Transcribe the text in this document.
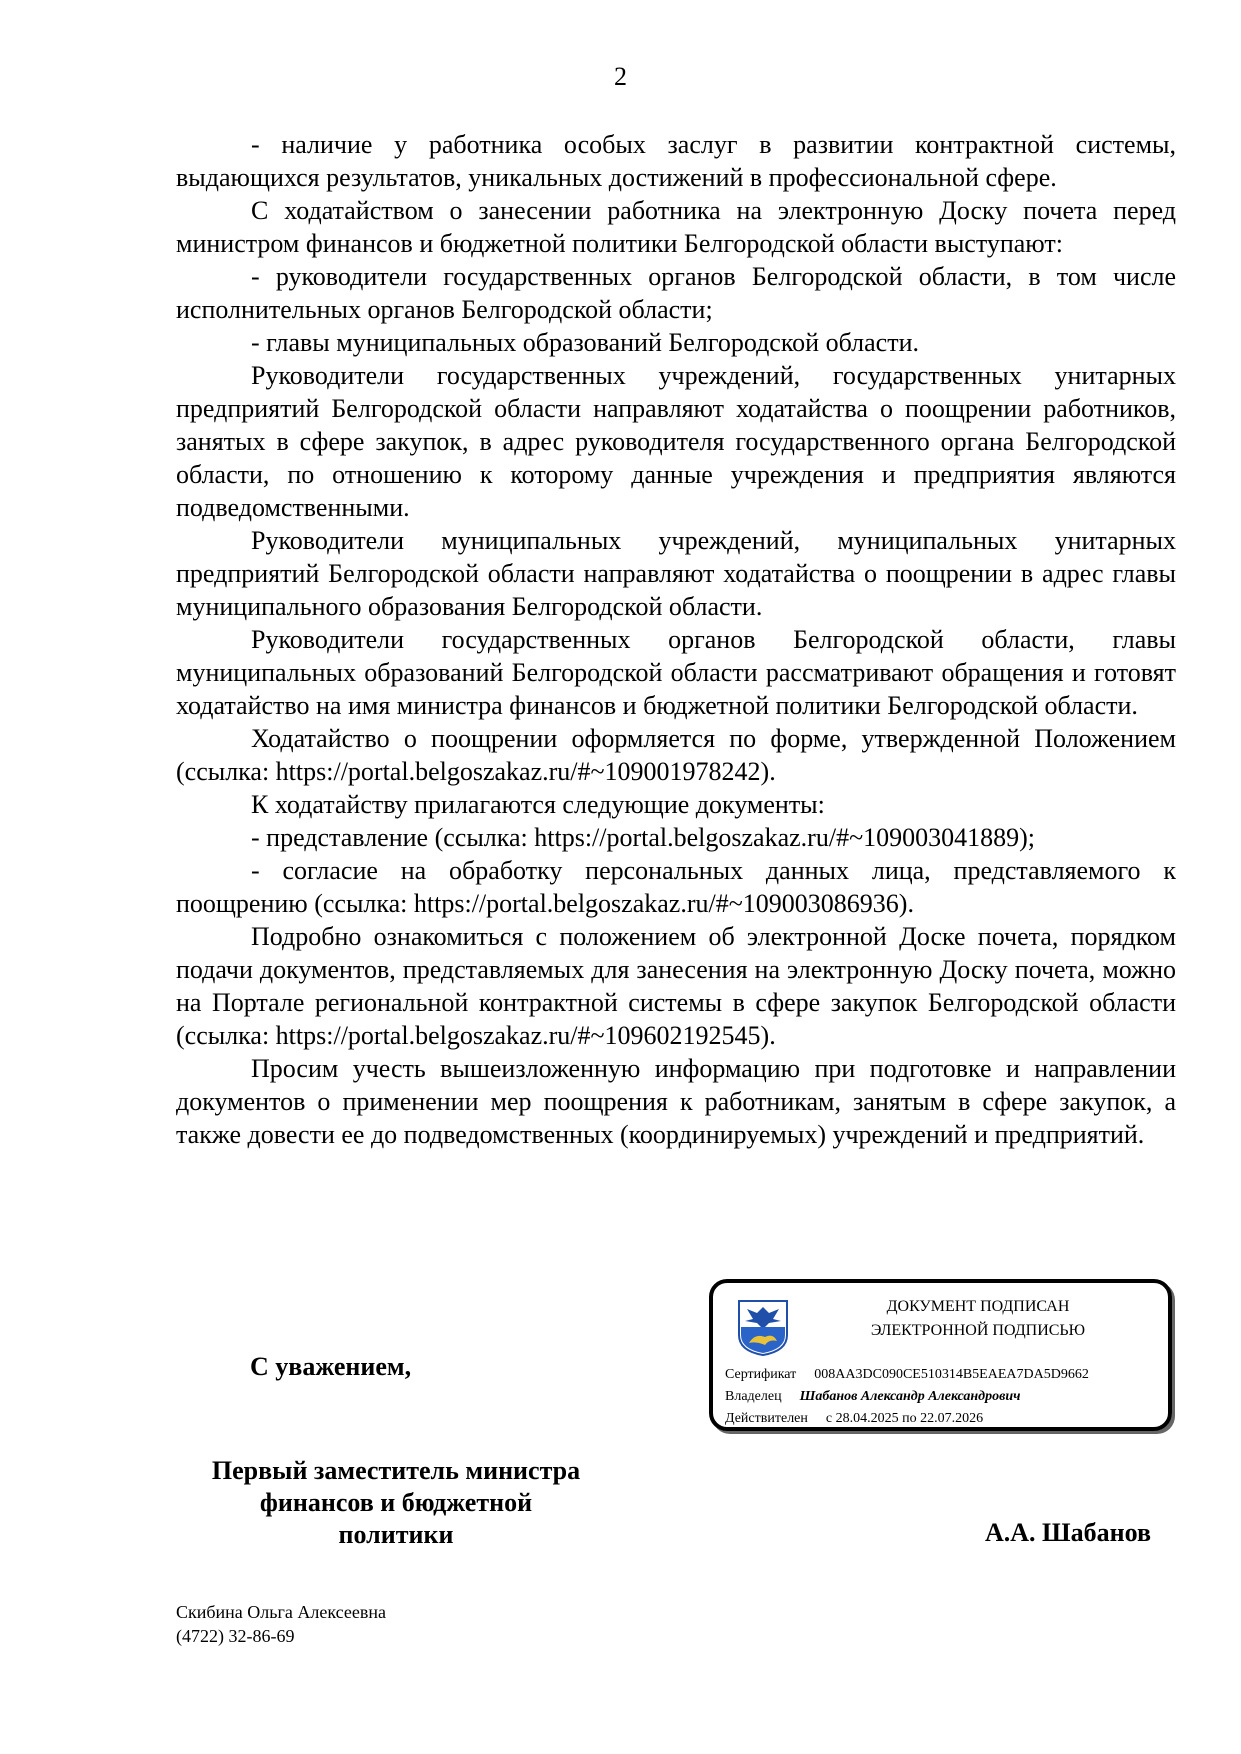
2

- наличие у работника особых заслуг в развитии контрактной системы, выдающихся результатов, уникальных достижений в профессиональной сфере.

С ходатайством о занесении работника на электронную Доску почета перед министром финансов и бюджетной политики Белгородской области выступают:

- руководители государственных органов Белгородской области, в том числе исполнительных органов Белгородской области;

- главы муниципальных образований Белгородской области.

Руководители государственных учреждений, государственных унитарных предприятий Белгородской области направляют ходатайства о поощрении работников, занятых в сфере закупок, в адрес руководителя государственного органа Белгородской области, по отношению к которому данные учреждения и предприятия являются подведомственными.

Руководители муниципальных учреждений, муниципальных унитарных предприятий Белгородской области направляют ходатайства о поощрении в адрес главы муниципального образования Белгородской области.

Руководители государственных органов Белгородской области, главы муниципальных образований Белгородской области рассматривают обращения и готовят ходатайство на имя министра финансов и бюджетной политики Белгородской области.

Ходатайство о поощрении оформляется по форме, утвержденной Положением (ссылка: https://portal.belgoszakaz.ru/#~109001978242).

К ходатайству прилагаются следующие документы:

- представление (ссылка: https://portal.belgoszakaz.ru/#~109003041889);

- согласие на обработку персональных данных лица, представляемого к поощрению (ссылка: https://portal.belgoszakaz.ru/#~109003086936).

Подробно ознакомиться с положением об электронной Доске почета, порядком подачи документов, представляемых для занесения на электронную Доску почета, можно на Портале региональной контрактной системы в сфере закупок Белгородской области (ссылка: https://portal.belgoszakaz.ru/#~109602192545).

Просим учесть вышеизложенную информацию при подготовке и направлении документов о применении мер поощрения к работникам, занятым в сфере закупок, а также довести ее до подведомственных (координируемых) учреждений и предприятий.

ДОКУМЕНТ ПОДПИСАН
ЭЛЕКТРОННОЙ ПОДПИСЬЮ
Сертификат 008AA3DC090CE510314B5EAEA7DA5D9662
Владелец Шабанов Александр Александрович
Действителен с 28.04.2025 по 22.07.2026
С уважением,
Первый заместитель министра
финансов и бюджетной
политики	А.А. Шабанов
Скибина Ольга Алексеевна
(4722) 32-86-69
